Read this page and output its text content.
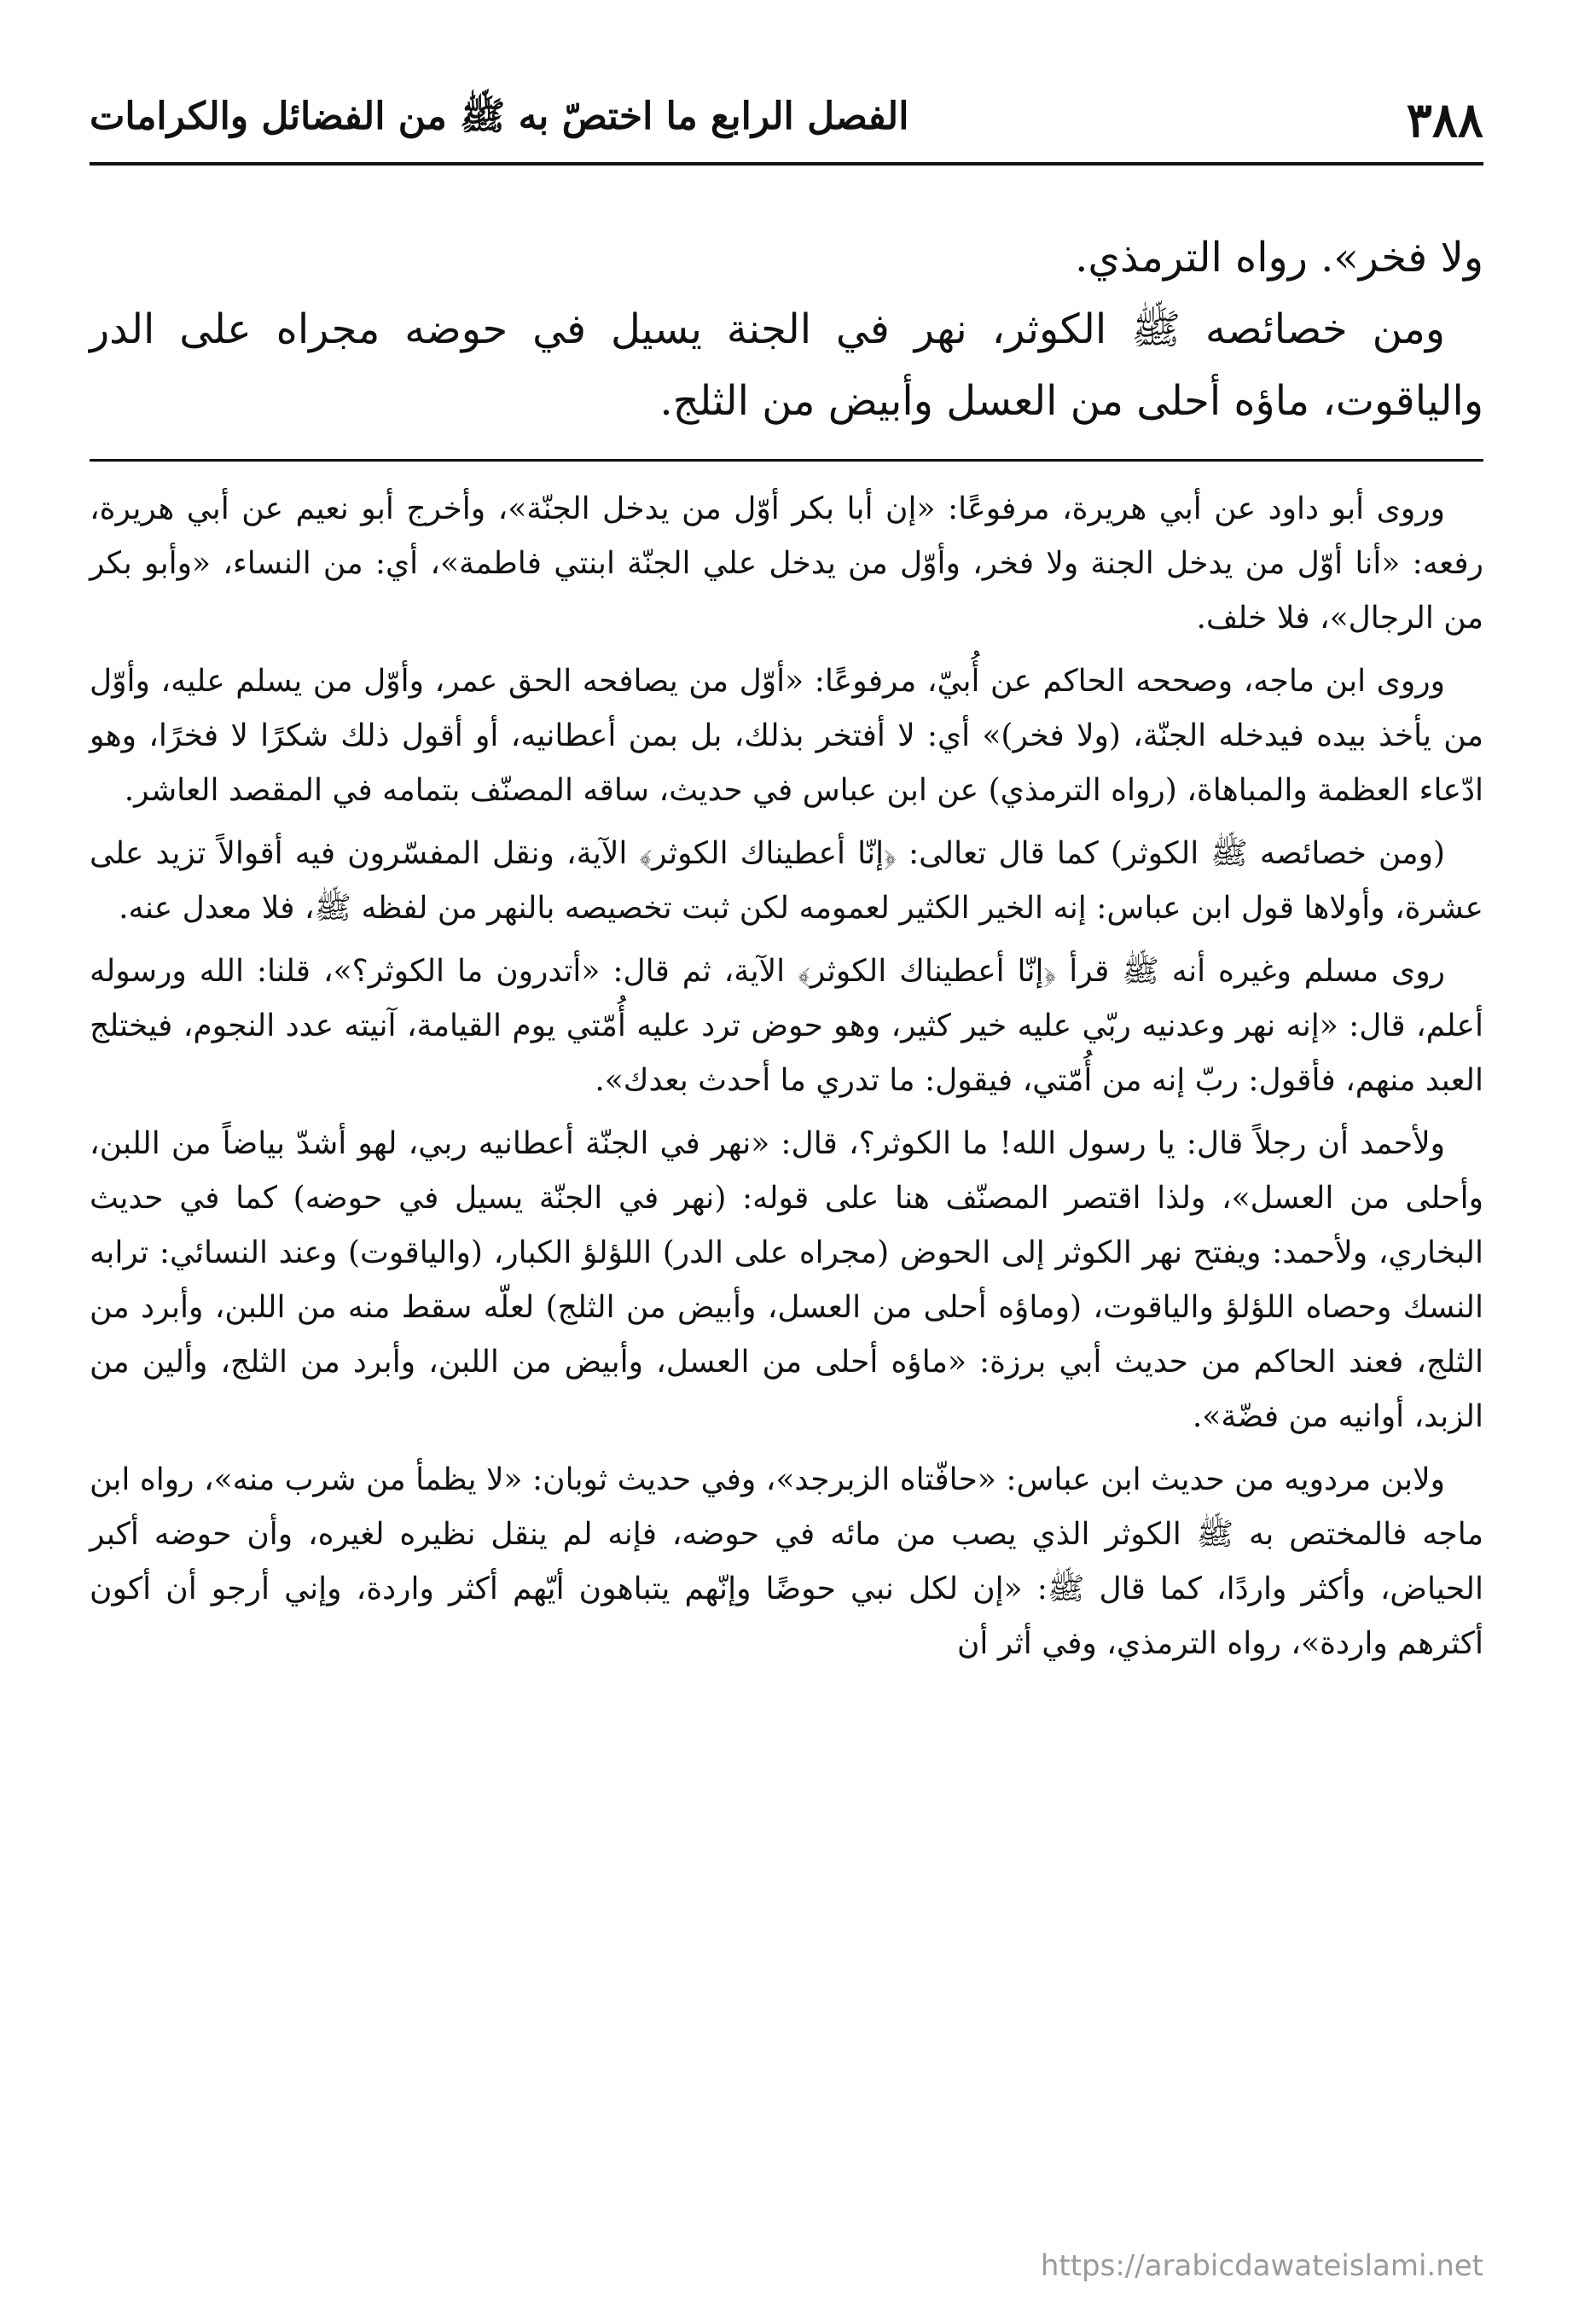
٣٨٨
الفصل الرابع ما اختصّ به ﷺ من الفضائل والكرامات

ولا فخر». رواه الترمذي.

ومن خصائصه ﷺ الكوثر، نهر في الجنة يسيل في حوضه مجراه على الدر والياقوت، ماؤه أحلى من العسل وأبيض من الثلج.

وروى أبو داود عن أبي هريرة، مرفوعًا: «إن أبا بكر أوّل من يدخل الجنّة»، وأخرج أبو نعيم عن أبي هريرة، رفعه: «أنا أوّل من يدخل الجنة ولا فخر، وأوّل من يدخل علي الجنّة ابنتي فاطمة»، أي: من النساء، «وأبو بكر من الرجال»، فلا خلف.

وروى ابن ماجه، وصححه الحاكم عن أُبيّ، مرفوعًا: «أوّل من يصافحه الحق عمر، وأوّل من يسلم عليه، وأوّل من يأخذ بيده فيدخله الجنّة، (ولا فخر)» أي: لا أفتخر بذلك، بل بمن أعطانيه، أو أقول ذلك شكرًا لا فخرًا، وهو ادّعاء العظمة والمباهاة، (رواه الترمذي) عن ابن عباس في حديث، ساقه المصنّف بتمامه في المقصد العاشر.

(ومن خصائصه ﷺ الكوثر) كما قال تعالى: ﴿إنّا أعطيناك الكوثر﴾ الآية، ونقل المفسّرون فيه أقوالاً تزيد على عشرة، وأولاها قول ابن عباس: إنه الخير الكثير لعمومه لكن ثبت تخصيصه بالنهر من لفظه ﷺ، فلا معدل عنه.

روى مسلم وغيره أنه ﷺ قرأ ﴿إنّا أعطيناك الكوثر﴾ الآية، ثم قال: «أتدرون ما الكوثر؟»، قلنا: الله ورسوله أعلم، قال: «إنه نهر وعدنيه ربّي عليه خير كثير، وهو حوض ترد عليه أُمّتي يوم القيامة، آنيته عدد النجوم، فيختلج العبد منهم، فأقول: ربّ إنه من أُمّتي، فيقول: ما تدري ما أحدث بعدك».

ولأحمد أن رجلاً قال: يا رسول الله! ما الكوثر؟، قال: «نهر في الجنّة أعطانيه ربي، لهو أشدّ بياضاً من اللبن، وأحلى من العسل»، ولذا اقتصر المصنّف هنا على قوله: (نهر في الجنّة يسيل في حوضه) كما في حديث البخاري، ولأحمد: ويفتح نهر الكوثر إلى الحوض (مجراه على الدر) اللؤلؤ الكبار، (والياقوت) وعند النسائي: ترابه النسك وحصاه اللؤلؤ والياقوت، (وماؤه أحلى من العسل، وأبيض من الثلج) لعلّه سقط منه من اللبن، وأبرد من الثلج، فعند الحاكم من حديث أبي برزة: «ماؤه أحلى من العسل، وأبيض من اللبن، وأبرد من الثلج، وألين من الزبد، أوانيه من فضّة».

ولابن مردويه من حديث ابن عباس: «حافّتاه الزبرجد»، وفي حديث ثوبان: «لا يظمأ من شرب منه»، رواه ابن ماجه فالمختص به ﷺ الكوثر الذي يصب من مائه في حوضه، فإنه لم ينقل نظيره لغيره، وأن حوضه أكبر الحياض، وأكثر واردًا، كما قال ﷺ: «إن لكل نبي حوضًا وإنّهم يتباهون أيّهم أكثر واردة، وإني أرجو أن أكون أكثرهم واردة»، رواه الترمذي، وفي أثر أن

https://arabicdawateislami.net
